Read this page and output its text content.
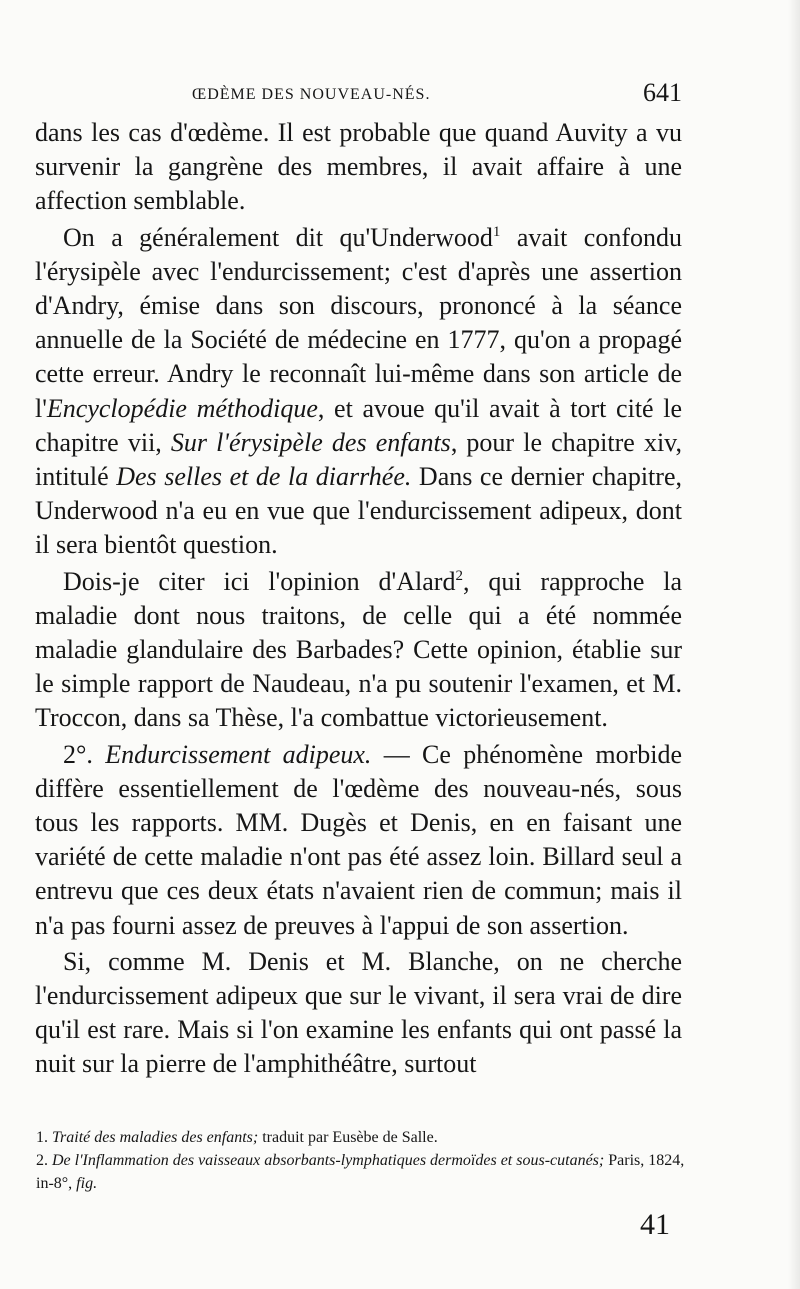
ŒDÈME DES NOUVEAU-NÉS.	641

dans les cas d'œdème. Il est probable que quand Auvity a vu survenir la gangrène des membres, il avait affaire à une affection semblable.

On a généralement dit qu'Underwood$^1$ avait confondu l'érysipèle avec l'endurcissement; c'est d'après une assertion d'Andry, émise dans son discours, prononcé à la séance annuelle de la Société de médecine en 1777, qu'on a propagé cette erreur. Andry le reconnaît lui-même dans son article de l'Encyclopédie méthodique, et avoue qu'il avait à tort cité le chapitre vii, Sur l'érysipèle des enfants, pour le chapitre xiv, intitulé Des selles et de la diarrhée. Dans ce dernier chapitre, Underwood n'a eu en vue que l'endurcissement adipeux, dont il sera bientôt question.

Dois-je citer ici l'opinion d'Alard$^2$, qui rapproche la maladie dont nous traitons, de celle qui a été nommée maladie glandulaire des Barbades? Cette opinion, établie sur le simple rapport de Naudeau, n'a pu soutenir l'examen, et M. Troccon, dans sa Thèse, l'a combattue victorieusement.

2°. Endurcissement adipeux. — Ce phénomène morbide diffère essentiellement de l'œdème des nouveau-nés, sous tous les rapports. MM. Dugès et Denis, en en faisant une variété de cette maladie n'ont pas été assez loin. Billard seul a entrevu que ces deux états n'avaient rien de commun; mais il n'a pas fourni assez de preuves à l'appui de son assertion.

Si, comme M. Denis et M. Blanche, on ne cherche l'endurcissement adipeux que sur le vivant, il sera vrai de dire qu'il est rare. Mais si l'on examine les enfants qui ont passé la nuit sur la pierre de l'amphithéâtre, surtout

1. Traité des maladies des enfants; traduit par Eusèbe de Salle.

2. De l'Inflammation des vaisseaux absorbants-lymphatiques dermoïdes et sous-cutanés; Paris, 1824, in-8°, fig.

41
